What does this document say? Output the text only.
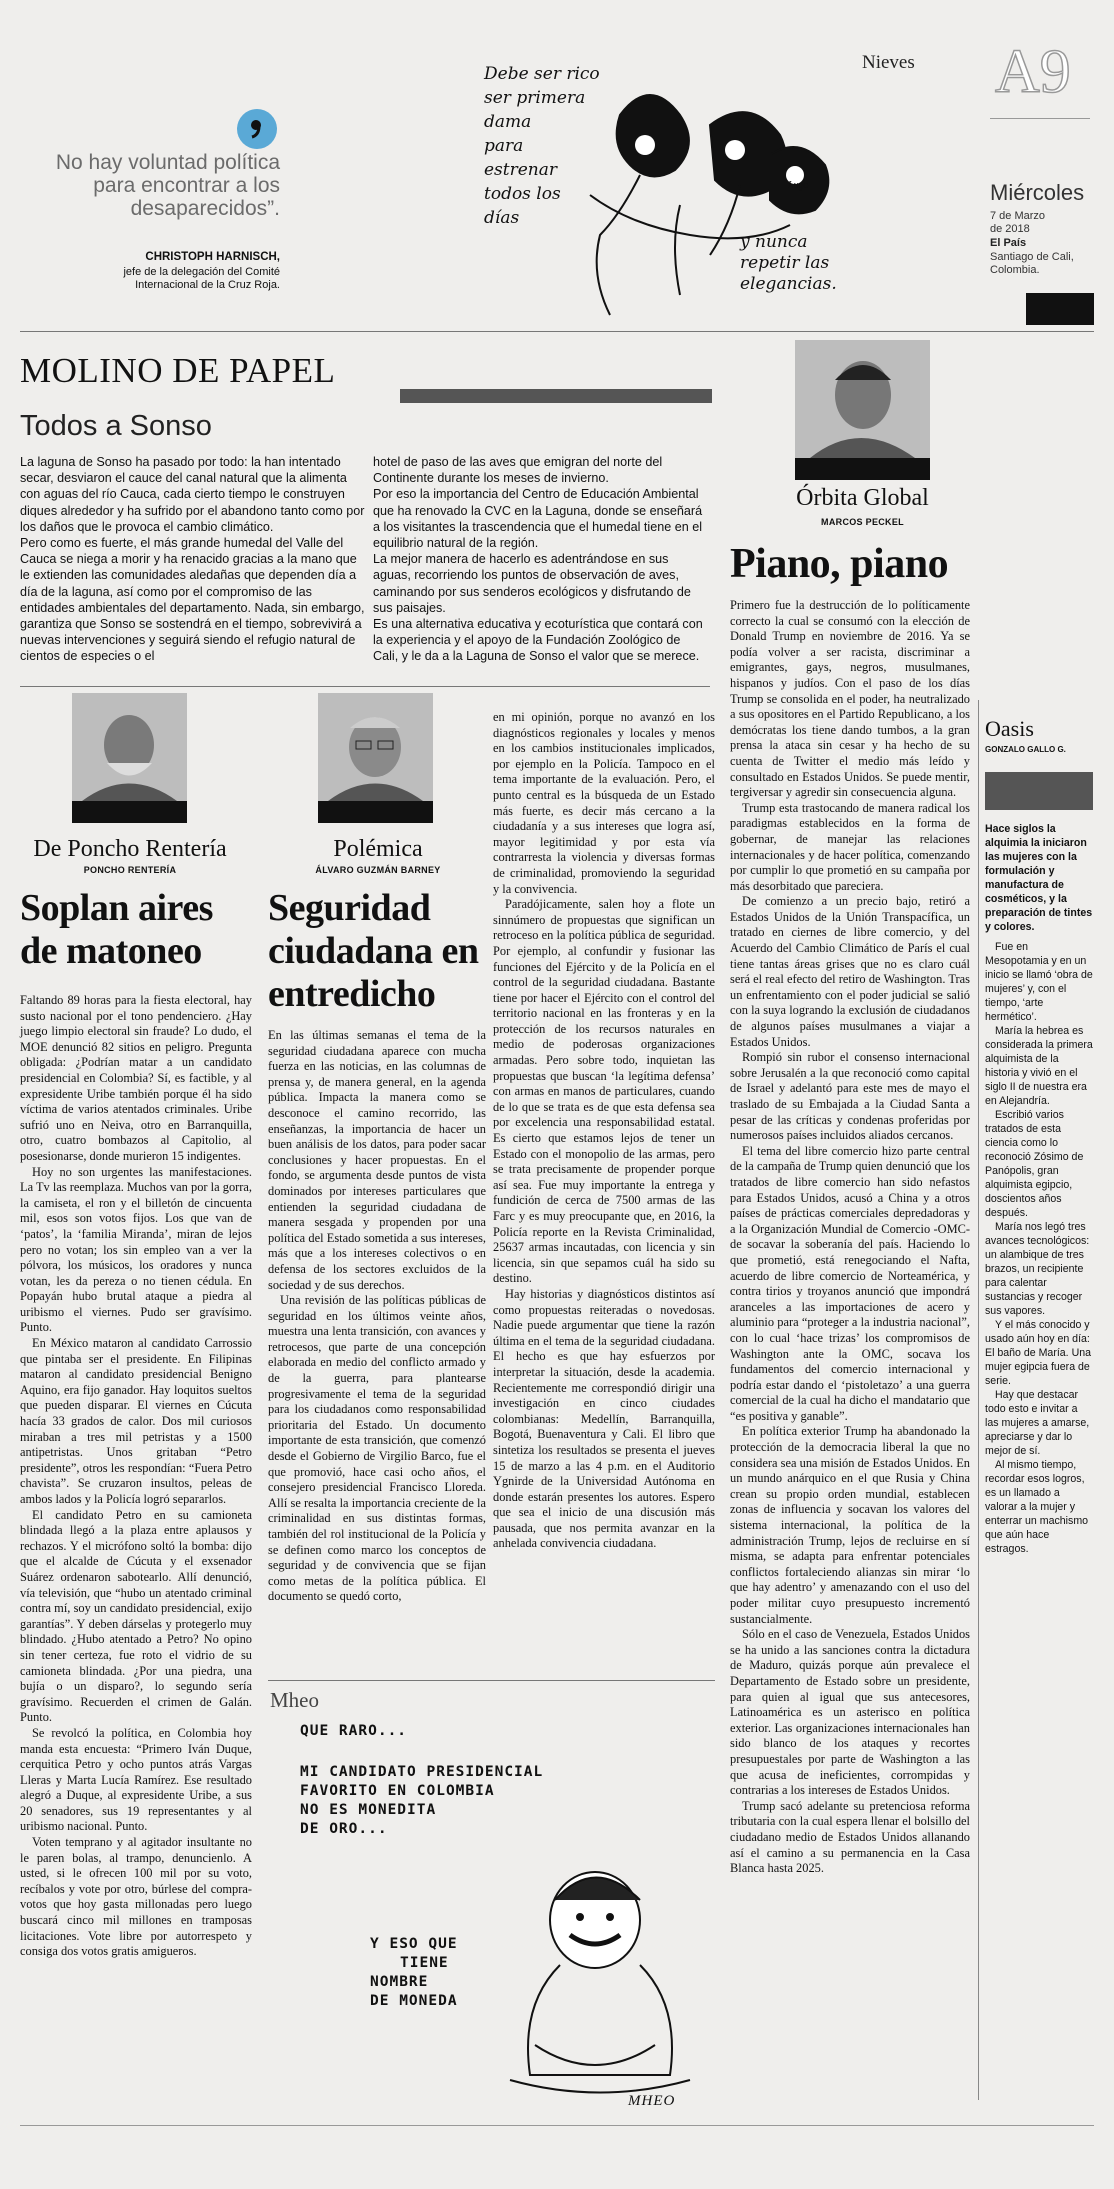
Nieves A9
Miércoles
7 de Marzo
de 2018
El País
Santiago de Cali,
Colombia.
No hay voluntad política para encontrar a los desaparecidos”.
CHRISTOPH HARNISCH,
jefe de la delegación del Comité Internacional de la Cruz Roja.
Debe ser rico
ser primera
dama
para
estrenar
todos los
días
y nunca
repetir las
elegancias.
Lugo
MOLINO DE PAPEL
Todos a Sonso

La laguna de Sonso ha pasado por todo: la han intentado secar, desviaron el cauce del canal natural que la alimenta con aguas del río Cauca, cada cierto tiempo le construyen diques alrededor y ha sufrido por el abandono tanto como por los daños que le provoca el cambio climático.

Pero como es fuerte, el más grande humedal del Valle del Cauca se niega a morir y ha renacido gracias a la mano que le extienden las comunidades aledañas que dependen día a día de la laguna, así como por el compromiso de las entidades ambientales del departamento. Nada, sin embargo, garantiza que Sonso se sostendrá en el tiempo, sobrevivirá a nuevas intervenciones y seguirá siendo el refugio natural de cientos de especies o el

hotel de paso de las aves que emigran del norte del Continente durante los meses de invierno.

Por eso la importancia del Centro de Educación Ambiental que ha renovado la CVC en la Laguna, donde se enseñará a los visitantes la trascendencia que el humedal tiene en el equilibrio natural de la región.

La mejor manera de hacerlo es adentrándose en sus aguas, recorriendo los puntos de observación de aves, caminando por sus senderos ecológicos y disfrutando de sus paisajes.

Es una alternativa educativa y ecoturística que contará con la experiencia y el apoyo de la Fundación Zoológico de Cali, y le da a la Laguna de Sonso el valor que se merece.

Órbita Global
MARCOS PECKEL
Piano, piano

Primero fue la destrucción de lo políticamente correcto la cual se consumó con la elección de Donald Trump en noviembre de 2016. Ya se podía volver a ser racista, discriminar a emigrantes, gays, negros, musulmanes, hispanos y judíos. Con el paso de los días Trump se consolida en el poder, ha neutralizado a sus opositores en el Partido Republicano, a los demócratas los tiene dando tumbos, a la gran prensa la ataca sin cesar y ha hecho de su cuenta de Twitter el medio más leído y consultado en Estados Unidos. Se puede mentir, tergiversar y agredir sin consecuencia alguna.

Trump esta trastocando de manera radical los paradigmas establecidos en la forma de gobernar, de manejar las relaciones internacionales y de hacer política, comenzando por cumplir lo que prometió en su campaña por más desorbitado que pareciera.

De comienzo a un precio bajo, retiró a Estados Unidos de la Unión Transpacífica, un tratado en ciernes de libre comercio, y del Acuerdo del Cambio Climático de París el cual tiene tantas áreas grises que no es claro cuál será el real efecto del retiro de Washington. Tras un enfrentamiento con el poder judicial se salió con la suya logrando la exclusión de ciudadanos de algunos países musulmanes a viajar a Estados Unidos.

Rompió sin rubor el consenso internacional sobre Jerusalén a la que reconoció como capital de Israel y adelantó para este mes de mayo el traslado de su Embajada a la Ciudad Santa a pesar de las críticas y condenas proferidas por numerosos países incluidos aliados cercanos.

El tema del libre comercio hizo parte central de la campaña de Trump quien denunció que los tratados de libre comercio han sido nefastos para Estados Unidos, acusó a China y a otros países de prácticas comerciales depredadoras y a la Organización Mundial de Comercio -OMC- de socavar la soberanía del país. Haciendo lo que prometió, está renegociando el Nafta, acuerdo de libre comercio de Norteamérica, y contra tirios y troyanos anunció que impondrá aranceles a las importaciones de acero y aluminio para “proteger a la industria nacional”, con lo cual ‘hace trizas’ los compromisos de Washington ante la OMC, socava los fundamentos del comercio internacional y podría estar dando el ‘pistoletazo’ a una guerra comercial de la cual ha dicho el mandatario que “es positiva y ganable”.

En política exterior Trump ha abandonado la protección de la democracia liberal la que no considera sea una misión de Estados Unidos. En un mundo anárquico en el que Rusia y China crean su propio orden mundial, establecen zonas de influencia y socavan los valores del sistema internacional, la política de la administración Trump, lejos de recluirse en sí misma, se adapta para enfrentar potenciales conflictos fortaleciendo alianzas sin mirar ‘lo que hay adentro’ y amenazando con el uso del poder militar cuyo presupuesto incrementó sustancialmente.

Sólo en el caso de Venezuela, Estados Unidos se ha unido a las sanciones contra la dictadura de Maduro, quizás porque aún prevalece el Departamento de Estado sobre un presidente, para quien al igual que sus antecesores, Latinoamérica es un asterisco en política exterior. Las organizaciones internacionales han sido blanco de los ataques y recortes presupuestales por parte de Washington a las que acusa de ineficientes, corrompidas y contrarias a los intereses de Estados Unidos.

Trump sacó adelante su pretenciosa reforma tributaria con la cual espera llenar el bolsillo del ciudadano medio de Estados Unidos allanando así el camino a su permanencia en la Casa Blanca hasta 2025.

Oasis
GONZALO GALLO G.

Hace siglos la alquimia la iniciaron las mujeres con la formulación y manufactura de cosméticos, y la preparación de tintes y colores.

Fue en Mesopotamia y en un inicio se llamó ‘obra de mujeres’ y, con el tiempo, ‘arte hermético’.

María la hebrea es considerada la primera alquimista de la historia y vivió en el siglo II de nuestra era en Alejandría.

Escribió varios tratados de esta ciencia como lo reconoció Zósimo de Panópolis, gran alquimista egipcio, doscientos años después.

María nos legó tres avances tecnológicos: un alambique de tres brazos, un recipiente para calentar sustancias y recoger sus vapores.

Y el más conocido y usado aún hoy en día: El baño de María. Una mujer egipcia fuera de serie.

Hay que destacar todo esto e invitar a las mujeres a amarse, apreciarse y dar lo mejor de sí.

Al mismo tiempo, recordar esos logros, es un llamado a valorar a la mujer y enterrar un machismo que aún hace estragos.

De Poncho Rentería
PONCHO RENTERÍA
Soplan aires
de matoneo

Faltando 89 horas para la fiesta electoral, hay susto nacional por el tono pendenciero. ¿Hay juego limpio electoral sin fraude? Lo dudo, el MOE denunció 82 sitios en peligro. Pregunta obligada: ¿Podrían matar a un candidato presidencial en Colombia? Sí, es factible, y al expresidente Uribe también porque él ha sido víctima de varios atentados criminales. Uribe sufrió uno en Neiva, otro en Barranquilla, otro, cuatro bombazos al Capitolio, al posesionarse, donde murieron 15 indigentes.

Hoy no son urgentes las manifestaciones. La Tv las reemplaza. Muchos van por la gorra, la camiseta, el ron y el billetón de cincuenta mil, esos son votos fijos. Los que van de ‘patos’, la ‘familia Miranda’, miran de lejos pero no votan; los sin empleo van a ver la pólvora, los músicos, los oradores y nunca votan, les da pereza o no tienen cédula. En Popayán hubo brutal ataque a piedra al uribismo el viernes. Pudo ser gravísimo. Punto.

En México mataron al candidato Carrossio que pintaba ser el presidente. En Filipinas mataron al candidato presidencial Benigno Aquino, era fijo ganador. Hay loquitos sueltos que pueden disparar. El viernes en Cúcuta hacía 33 grados de calor. Dos mil curiosos miraban a tres mil petristas y a 1500 antipetristas. Unos gritaban “Petro presidente”, otros les respondían: “Fuera Petro chavista”. Se cruzaron insultos, peleas de ambos lados y la Policía logró separarlos.

El candidato Petro en su camioneta blindada llegó a la plaza entre aplausos y rechazos. Y el micrófono soltó la bomba: dijo que el alcalde de Cúcuta y el exsenador Suárez ordenaron sabotearlo. Allí denunció, vía televisión, que “hubo un atentado criminal contra mí, soy un candidato presidencial, exijo garantías”. Y deben dárselas y protegerlo muy blindado. ¿Hubo atentado a Petro? No opino sin tener certeza, fue roto el vidrio de su camioneta blindada. ¿Por una piedra, una bujía o un disparo?, lo segundo sería gravísimo. Recuerden el crimen de Galán. Punto.

Se revolcó la política, en Colombia hoy manda esta encuesta: “Primero Iván Duque, cerquitica Petro y ocho puntos atrás Vargas Lleras y Marta Lucía Ramírez. Ese resultado alegró a Duque, al expresidente Uribe, a sus 20 senadores, sus 19 representantes y al uribismo nacional. Punto.

Voten temprano y al agitador insultante no le paren bolas, al trampo, denuncienlo. A usted, si le ofrecen 100 mil por su voto, recíbalos y vote por otro, búrlese del compra-votos que hoy gasta millonadas pero luego buscará cinco mil millones en tramposas licitaciones. Vote libre por autorrespeto y consiga dos votos gratis amigueros.

Polémica
ÁLVARO GUZMÁN BARNEY
Seguridad
ciudadana en
entredicho

En las últimas semanas el tema de la seguridad ciudadana aparece con mucha fuerza en las noticias, en las columnas de prensa y, de manera general, en la agenda pública. Impacta la manera como se desconoce el camino recorrido, las enseñanzas, la importancia de hacer un buen análisis de los datos, para poder sacar conclusiones y hacer propuestas. En el fondo, se argumenta desde puntos de vista dominados por intereses particulares que entienden la seguridad ciudadana de manera sesgada y propenden por una política del Estado sometida a sus intereses, más que a los intereses colectivos o en defensa de los sectores excluidos de la sociedad y de sus derechos.

Una revisión de las políticas públicas de seguridad en los últimos veinte años, muestra una lenta transición, con avances y retrocesos, que parte de una concepción elaborada en medio del conflicto armado y de la guerra, para plantearse progresivamente el tema de la seguridad para los ciudadanos como responsabilidad prioritaria del Estado. Un documento importante de esta transición, que comenzó desde el Gobierno de Virgilio Barco, fue el que promovió, hace casi ocho años, el consejero presidencial Francisco Lloreda. Allí se resalta la importancia creciente de la criminalidad en sus distintas formas, también del rol institucional de la Policía y se definen como marco los conceptos de seguridad y de convivencia que se fijan como metas de la política pública. El documento se quedó corto,

en mi opinión, porque no avanzó en los diagnósticos regionales y locales y menos en los cambios institucionales implicados, por ejemplo en la Policía. Tampoco en el tema importante de la evaluación. Pero, el punto central es la búsqueda de un Estado más fuerte, es decir más cercano a la ciudadanía y a sus intereses que logra así, mayor legitimidad y por esta vía contrarresta la violencia y diversas formas de criminalidad, promoviendo la seguridad y la convivencia.

Paradójicamente, salen hoy a flote un sinnúmero de propuestas que significan un retroceso en la política pública de seguridad. Por ejemplo, al confundir y fusionar las funciones del Ejército y de la Policía en el control de la seguridad ciudadana. Bastante tiene por hacer el Ejército con el control del territorio nacional en las fronteras y en la protección de los recursos naturales en medio de poderosas organizaciones armadas. Pero sobre todo, inquietan las propuestas que buscan ‘la legítima defensa’ con armas en manos de particulares, cuando de lo que se trata es de que esta defensa sea por excelencia una responsabilidad estatal. Es cierto que estamos lejos de tener un Estado con el monopolio de las armas, pero se trata precisamente de propender porque así sea. Fue muy importante la entrega y fundición de cerca de 7500 armas de las Farc y es muy preocupante que, en 2016, la Policía reporte en la Revista Criminalidad, 25637 armas incautadas, con licencia y sin licencia, sin que sepamos cuál ha sido su destino.

Hay historias y diagnósticos distintos así como propuestas reiteradas o novedosas. Nadie puede argumentar que tiene la razón última en el tema de la seguridad ciudadana. El hecho es que hay esfuerzos por interpretar la situación, desde la academia. Recientemente me correspondió dirigir una investigación en cinco ciudades colombianas: Medellín, Barranquilla, Bogotá, Buenaventura y Cali. El libro que sintetiza los resultados se presenta el jueves 15 de marzo a las 4 p.m. en el Auditorio Ygnirde de la Universidad Autónoma en donde estarán presentes los autores. Espero que sea el inicio de una discusión más pausada, que nos permita avanzar en la anhelada convivencia ciudadana.

Mheo
QUE RARO...
MI CANDIDATO PRESIDENCIAL
FAVORITO EN COLOMBIA
NO ES MONEDITA
DE ORO...
Y ESO QUE
TIENE
NOMBRE
DE MONEDA
MHEO
